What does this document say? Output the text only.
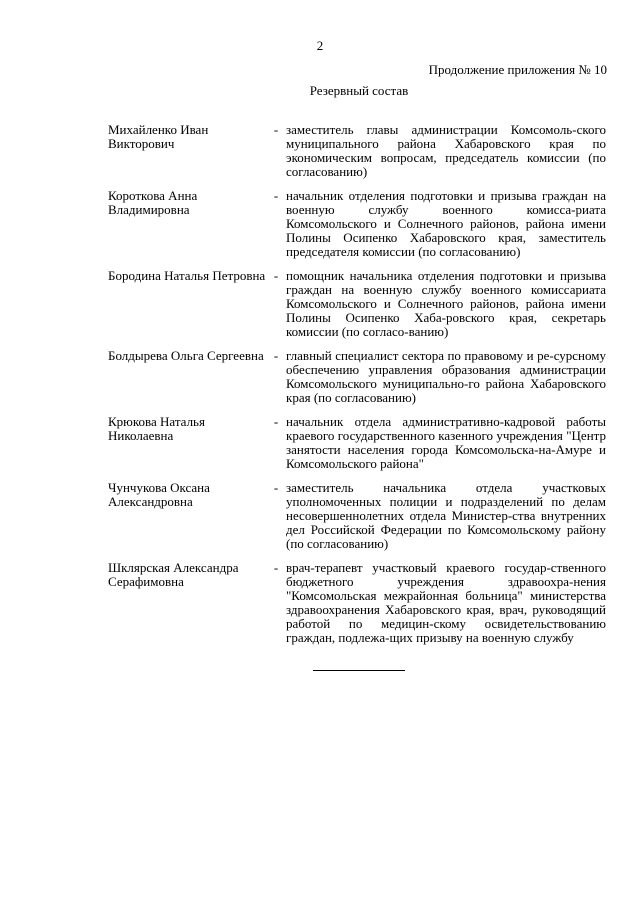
2
Продолжение приложения № 10
Резервный состав
Михайленко Иван Викторович
- заместитель главы администрации Комсомоль-ского муниципального района Хабаровского края по экономическим вопросам, председатель комиссии (по согласованию)
Короткова Анна Владимировна
- начальник отделения подготовки и призыва граждан на военную службу военного комисса-риата Комсомольского и Солнечного районов, района имени Полины Осипенко Хабаровского края, заместитель председателя комиссии (по согласованию)
Бородина Наталья Петровна - помощник начальника отделения подготовки и призыва граждан на военную службу военного комиссариата Комсомольского и Солнечного районов, района имени Полины Осипенко Хаба-ровского края, секретарь комиссии (по согласо-ванию)
Болдырева Ольга Сергеевна - главный специалист сектора по правовому и ре-сурсному обеспечению управления образования администрации Комсомольского муниципально-го района Хабаровского края (по согласованию)
Крюкова Наталья Николаевна
- начальник отдела административно-кадровой работы краевого государственного казенного учреждения "Центр занятости населения города Комсомольска-на-Амуре и Комсомольского района"
Чунчукова Оксана Александровна
- заместитель начальника отдела участковых уполномоченных полиции и подразделений по делам несовершеннолетних отдела Министер-ства внутренних дел Российской Федерации по Комсомольскому району (по согласованию)
Шклярская Александра Серафимовна
- врач-терапевт участковый краевого государ-ственного бюджетного учреждения здравоохра-нения "Комсомольская межрайонная больница" министерства здравоохранения Хабаровского края, врач, руководящий работой по медицин-скому освидетельствованию граждан, подлежа-щих призыву на военную службу
